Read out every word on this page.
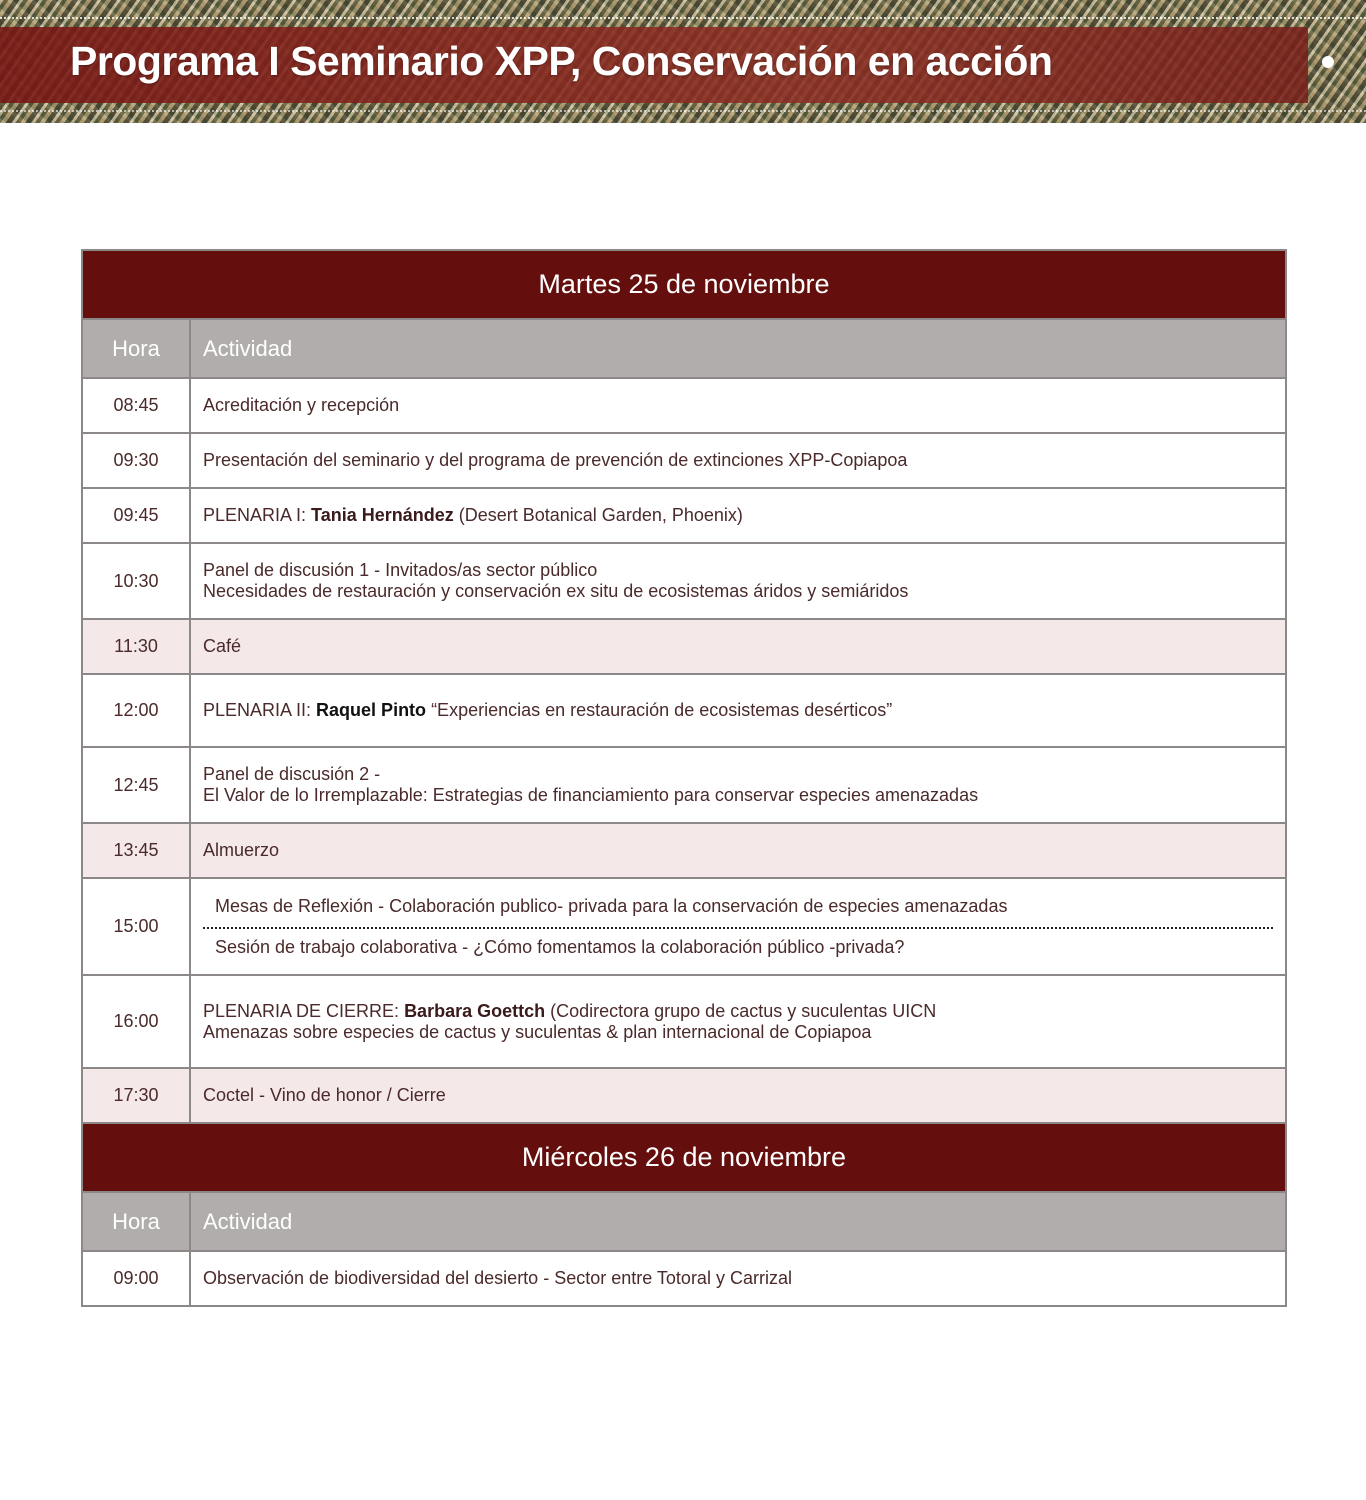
Programa I Seminario XPP, Conservación en acción
Martes 25 de noviembre	
Hora	Actividad
08:45	Acreditación y recepción
09:30	Presentación del seminario y del programa de prevención de extinciones XPP-Copiapoa
09:45	PLENARIA I: Tania Hernández (Desert Botanical Garden, Phoenix)
10:30	Panel de discusión 1 - Invitados/as sector público
Necesidades de restauración y conservación ex situ de ecosistemas áridos y semiáridos

11:30	Café
12:00	PLENARIA II: Raquel Pinto “Experiencias en restauración de ecosistemas desérticos”
12:45	Panel de discusión 2 -
El Valor de lo Irremplazable: Estrategias de financiamiento para conservar especies amenazadas

13:45	Almuerzo
15:00	Mesas de Reflexión - Colaboración publico- privada para la conservación de especies amenazadas
Sesión de trabajo colaborativa - ¿Cómo fomentamos la colaboración público -privada?

16:00	PLENARIA DE CIERRE: Barbara Goettch (Codirectora grupo de cactus y suculentas UICN
Amenazas sobre especies de cactus y suculentas & plan internacional de Copiapoa

17:30	Coctel - Vino de honor / Cierre
Miércoles 26 de noviembre	
Hora	Actividad
09:00	Observación de biodiversidad del desierto - Sector entre Totoral y Carrizal
